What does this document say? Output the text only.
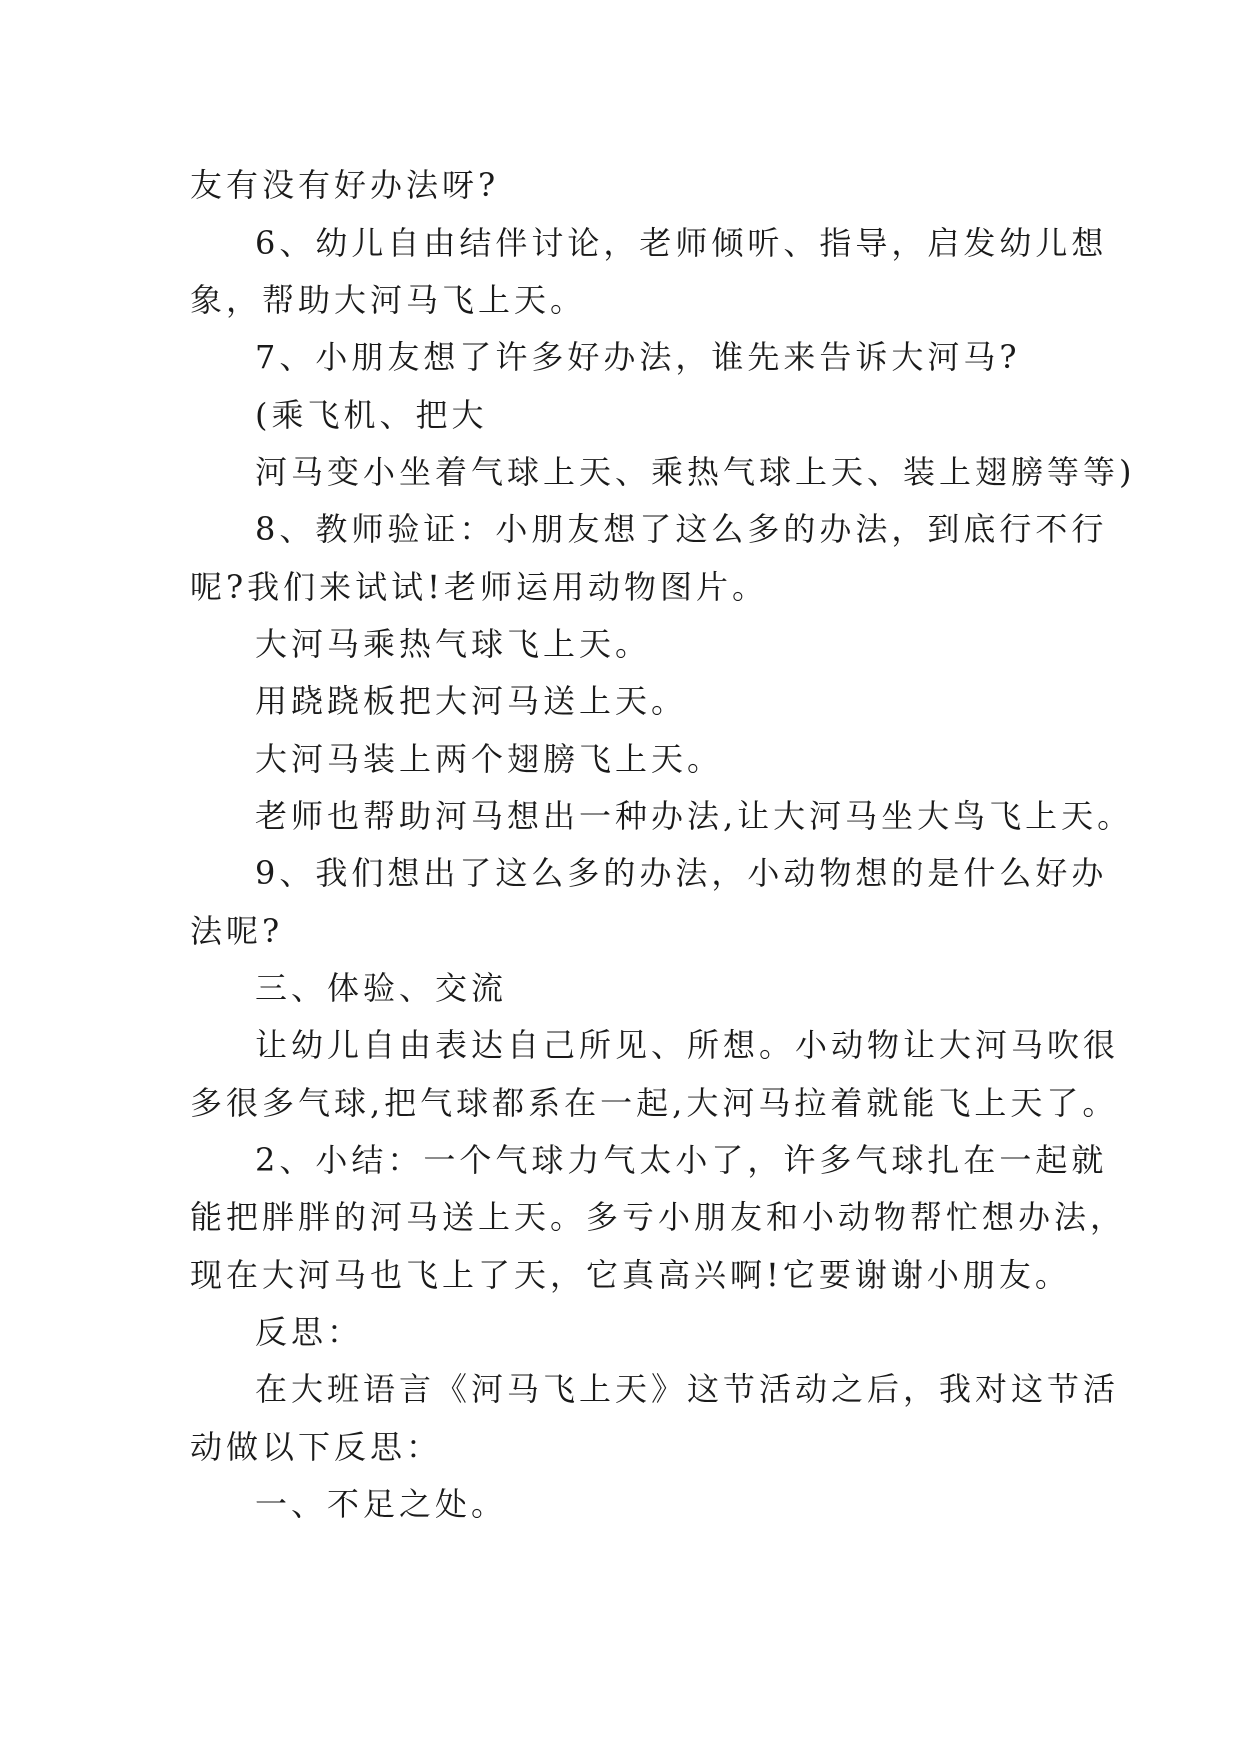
友有没有好办法呀?
6、幼儿自由结伴讨论，老师倾听、指导，启发幼儿想
象，帮助大河马飞上天。
7、小朋友想了许多好办法，谁先来告诉大河马?
(乘飞机、把大
河马变小坐着气球上天、乘热气球上天、装上翅膀等等)
8、教师验证：小朋友想了这么多的办法，到底行不行
呢?我们来试试!老师运用动物图片。
大河马乘热气球飞上天。
用跷跷板把大河马送上天。
大河马装上两个翅膀飞上天。
老师也帮助河马想出一种办法,让大河马坐大鸟飞上天。
9、我们想出了这么多的办法，小动物想的是什么好办
法呢?
三、体验、交流
让幼儿自由表达自己所见、所想。小动物让大河马吹很
多很多气球,把气球都系在一起,大河马拉着就能飞上天了。
2、小结：一个气球力气太小了，许多气球扎在一起就
能把胖胖的河马送上天。多亏小朋友和小动物帮忙想办法，
现在大河马也飞上了天，它真高兴啊!它要谢谢小朋友。
反思：
在大班语言《河马飞上天》这节活动之后，我对这节活
动做以下反思：
一、不足之处。
